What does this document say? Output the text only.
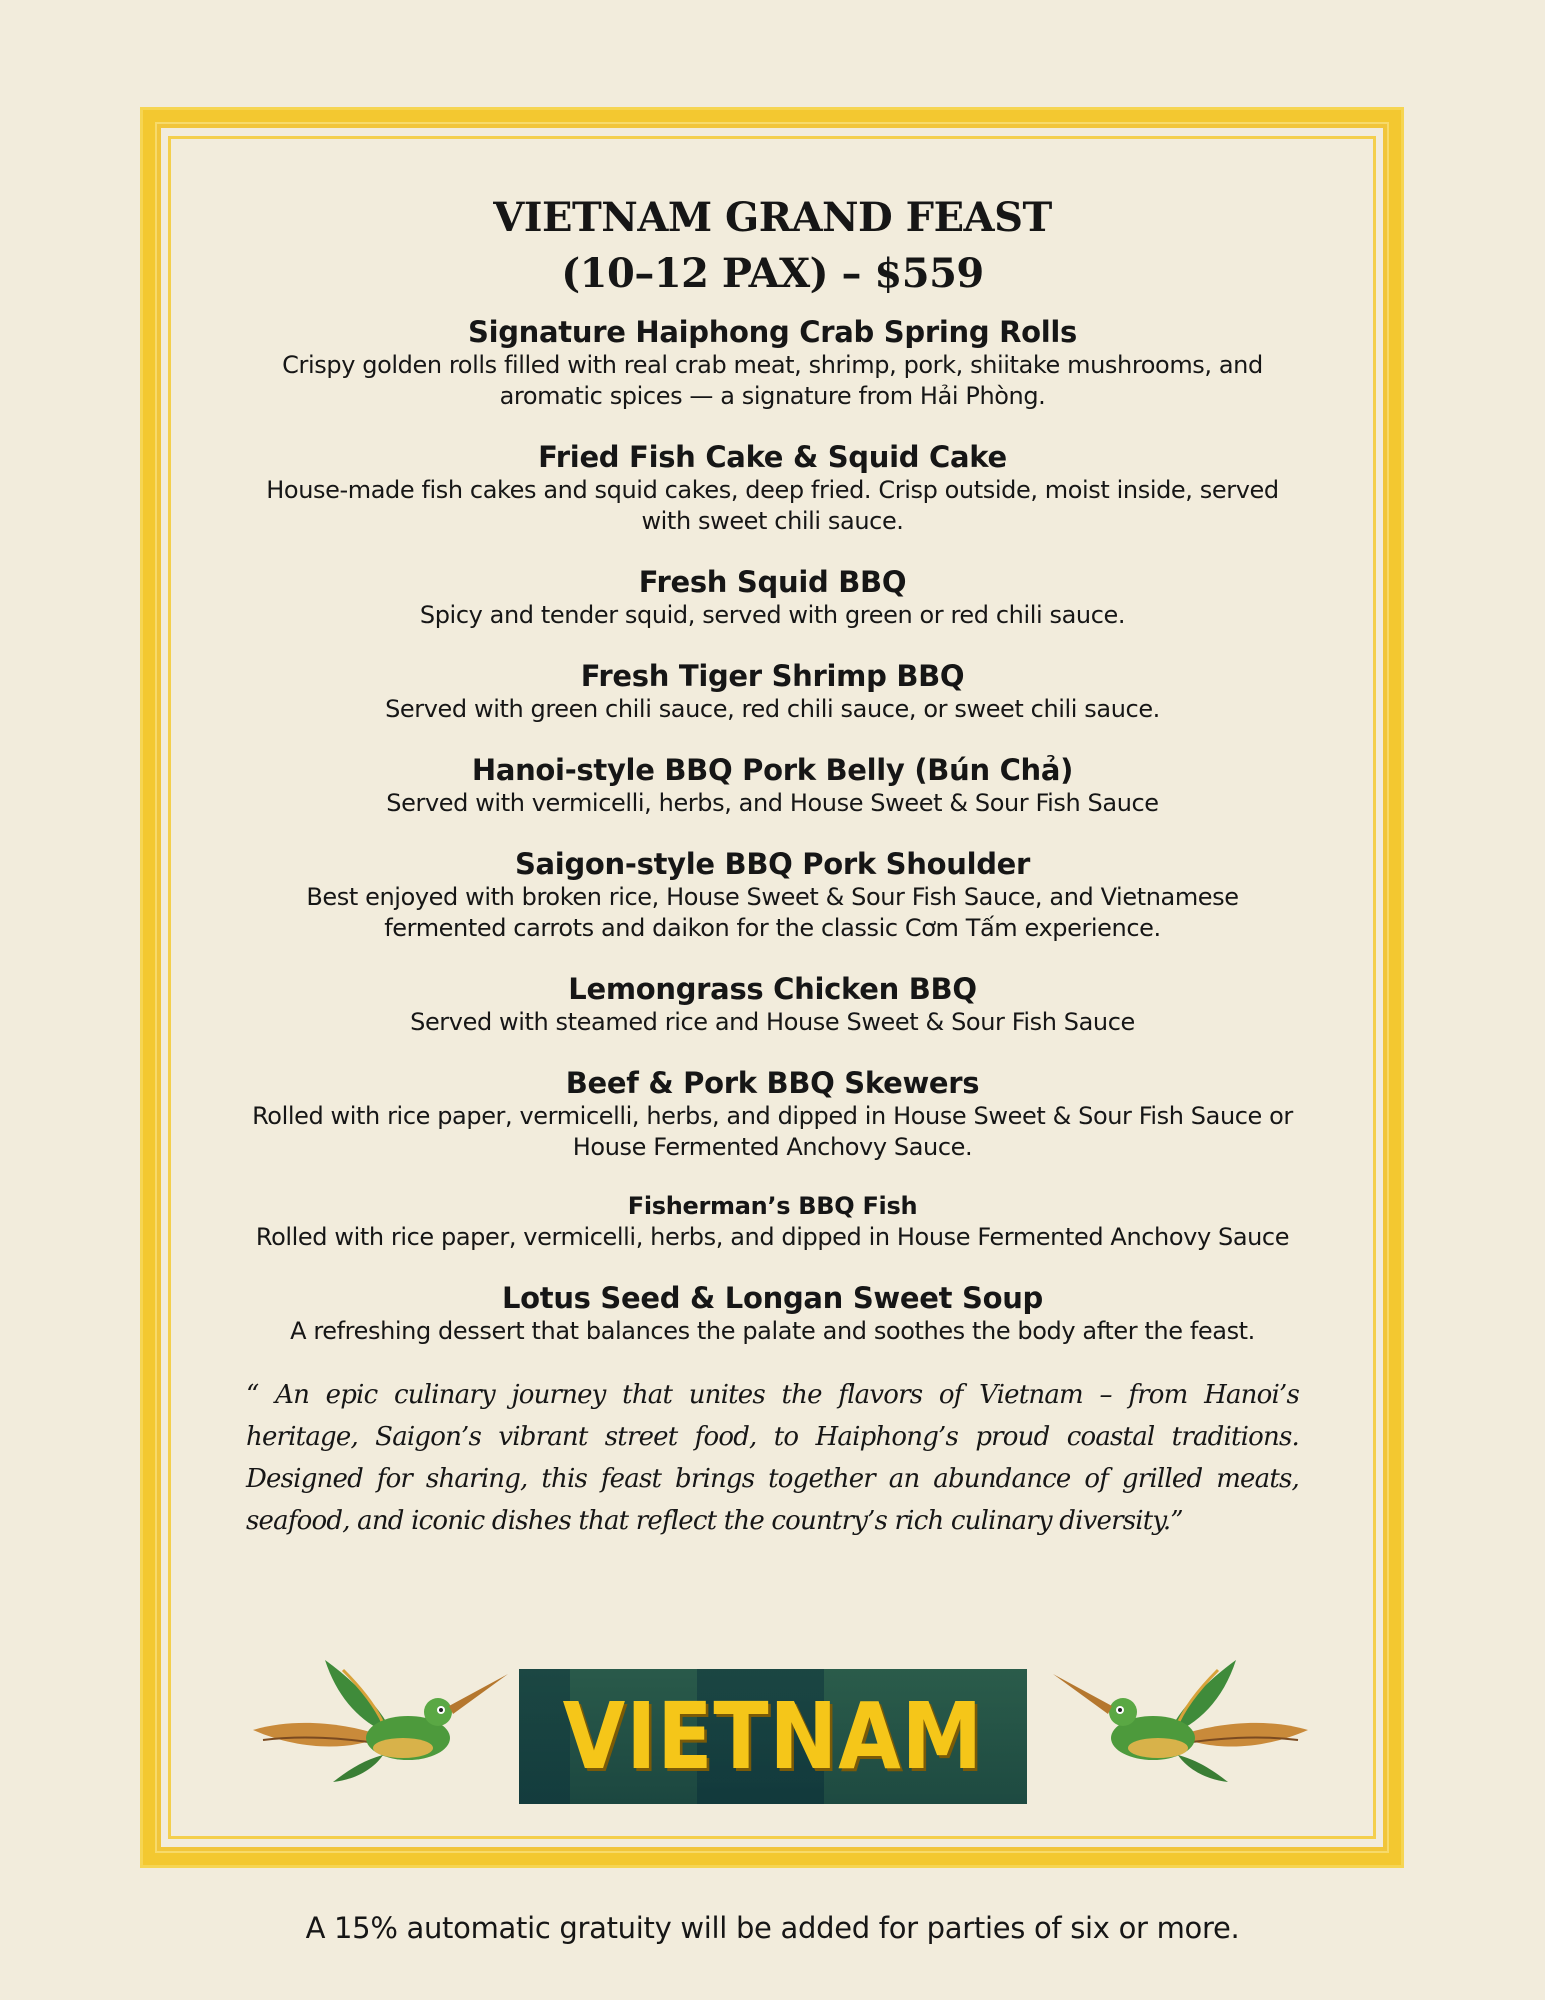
VIETNAM GRAND FEAST
(10–12 PAX) – $559
Signature Haiphong Crab Spring Rolls
Crispy golden rolls filled with real crab meat, shrimp, pork, shiitake mushrooms, and aromatic spices — a signature from Hải Phòng.
Fried Fish Cake & Squid Cake
House-made fish cakes and squid cakes, deep fried. Crisp outside, moist inside, served with sweet chili sauce.
Fresh Squid BBQ
Spicy and tender squid, served with green or red chili sauce.
Fresh Tiger Shrimp BBQ
Served with green chili sauce, red chili sauce, or sweet chili sauce.
Hanoi-style BBQ Pork Belly (Bún Chả)
Served with vermicelli, herbs, and House Sweet & Sour Fish Sauce
Saigon-style BBQ Pork Shoulder
Best enjoyed with broken rice, House Sweet & Sour Fish Sauce, and Vietnamese fermented carrots and daikon for the classic Cơm Tấm experience.
Lemongrass Chicken BBQ
Served with steamed rice and House Sweet & Sour Fish Sauce
Beef & Pork BBQ Skewers
Rolled with rice paper, vermicelli, herbs, and dipped in House Sweet & Sour Fish Sauce or House Fermented Anchovy Sauce.
Fisherman’s BBQ Fish
Rolled with rice paper, vermicelli, herbs, and dipped in House Fermented Anchovy Sauce
Lotus Seed & Longan Sweet Soup
A refreshing dessert that balances the palate and soothes the body after the feast.

“ An epic culinary journey that unites the flavors of Vietnam – from Hanoi’s heritage, Saigon’s vibrant street food, to Haiphong’s proud coastal traditions. Designed for sharing, this feast brings together an abundance of grilled meats, seafood, and iconic dishes that reflect the country’s rich culinary diversity.”

VIETNAM
A 15% automatic gratuity will be added for parties of six or more.
